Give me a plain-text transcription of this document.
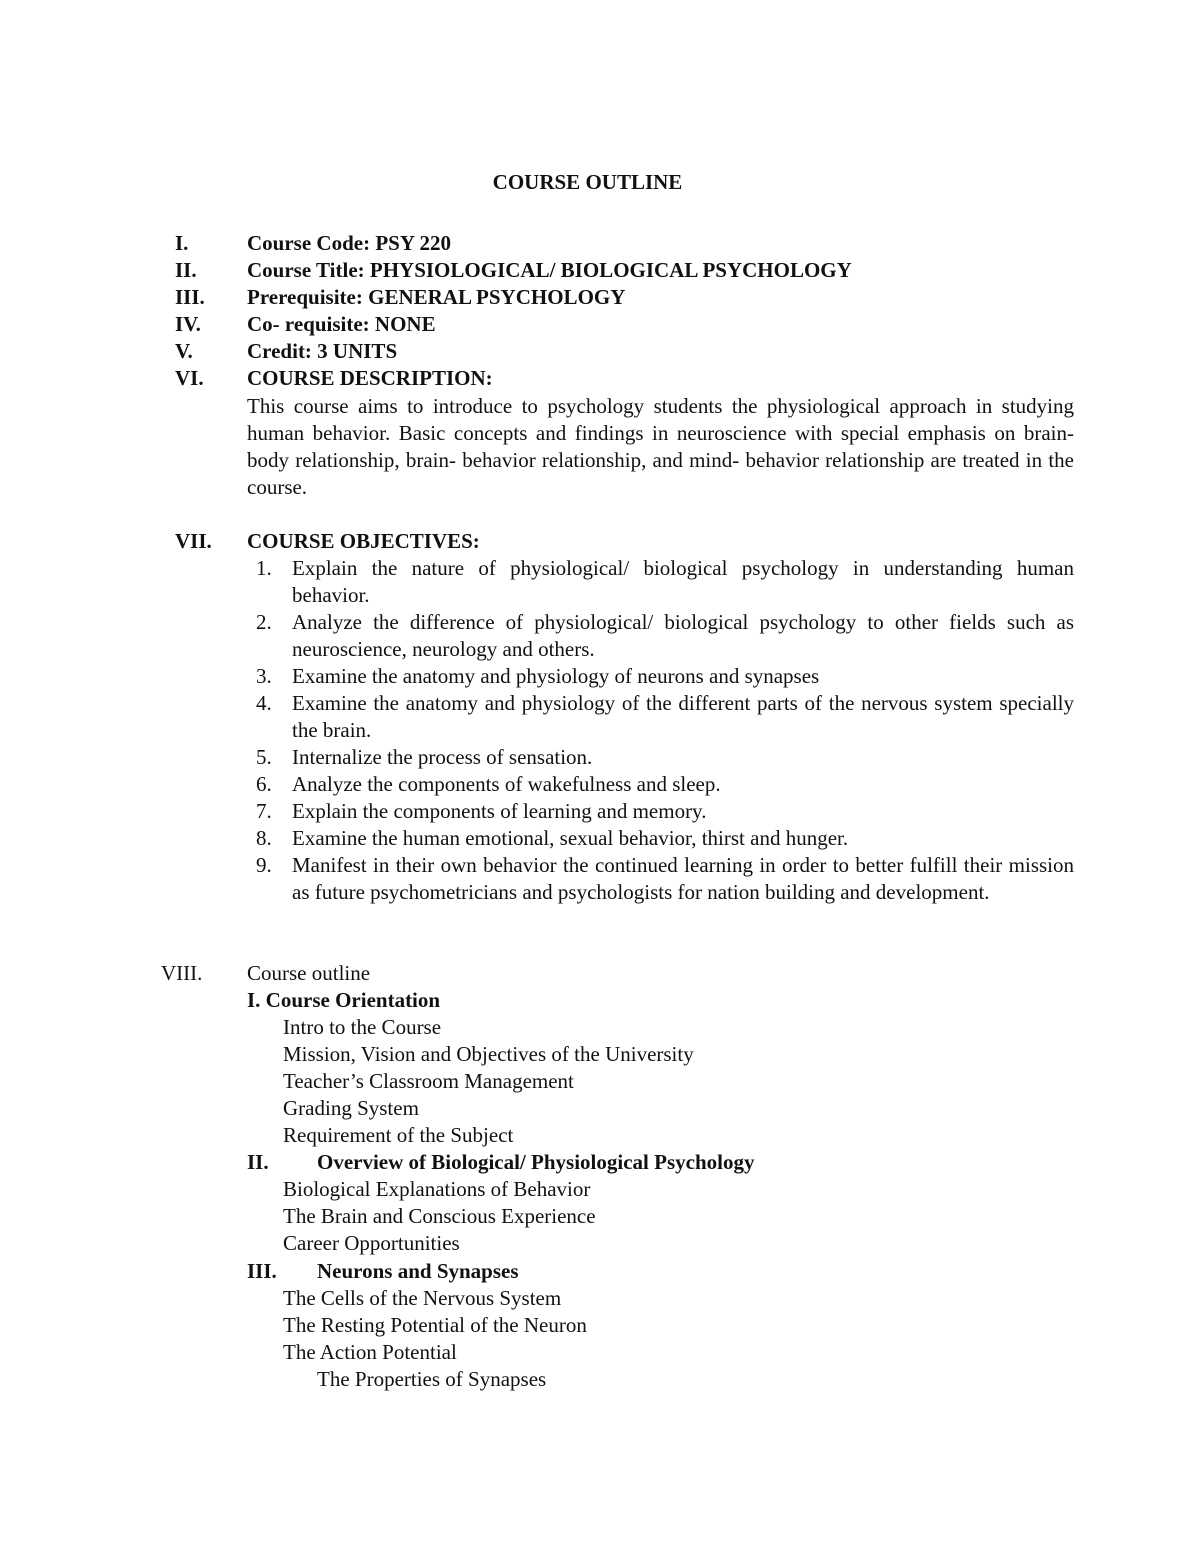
COURSE OUTLINE
I.	Course Code: PSY 220
II. Course Title: PHYSIOLOGICAL/ BIOLOGICAL PSYCHOLOGY
III. Prerequisite: GENERAL PSYCHOLOGY
IV. Co- requisite: NONE
V.	Credit: 3 UNITS
VI. COURSE DESCRIPTION:
This course aims to introduce to psychology students the physiological approach in studying human behavior. Basic concepts and findings in neuroscience with special emphasis on brain- body relationship, brain- behavior relationship, and mind- behavior relationship are treated in the course.
VII. COURSE OBJECTIVES:
1. Explain the nature of physiological/ biological psychology in understanding human behavior.
2. Analyze the difference of physiological/ biological psychology to other fields such as neuroscience, neurology and others.
3. Examine the anatomy and physiology of neurons and synapses
4. Examine the anatomy and physiology of the different parts of the nervous system specially the brain.
5. Internalize the process of sensation.
6. Analyze the components of wakefulness and sleep.
7. Explain the components of learning and memory.
8. Examine the human emotional, sexual behavior, thirst and hunger.
9. Manifest in their own behavior the continued learning in order to better fulfill their mission as future psychometricians and psychologists for nation building and development.
VIII. Course outline
I. Course Orientation
Intro to the Course
Mission, Vision and Objectives of the University
Teacher’s Classroom Management
Grading System
Requirement of the Subject
II. Overview of Biological/ Physiological Psychology
Biological Explanations of Behavior
The Brain and Conscious Experience
Career Opportunities
III. Neurons and Synapses
The Cells of the Nervous System
The Resting Potential of the Neuron
The Action Potential
The Properties of Synapses
